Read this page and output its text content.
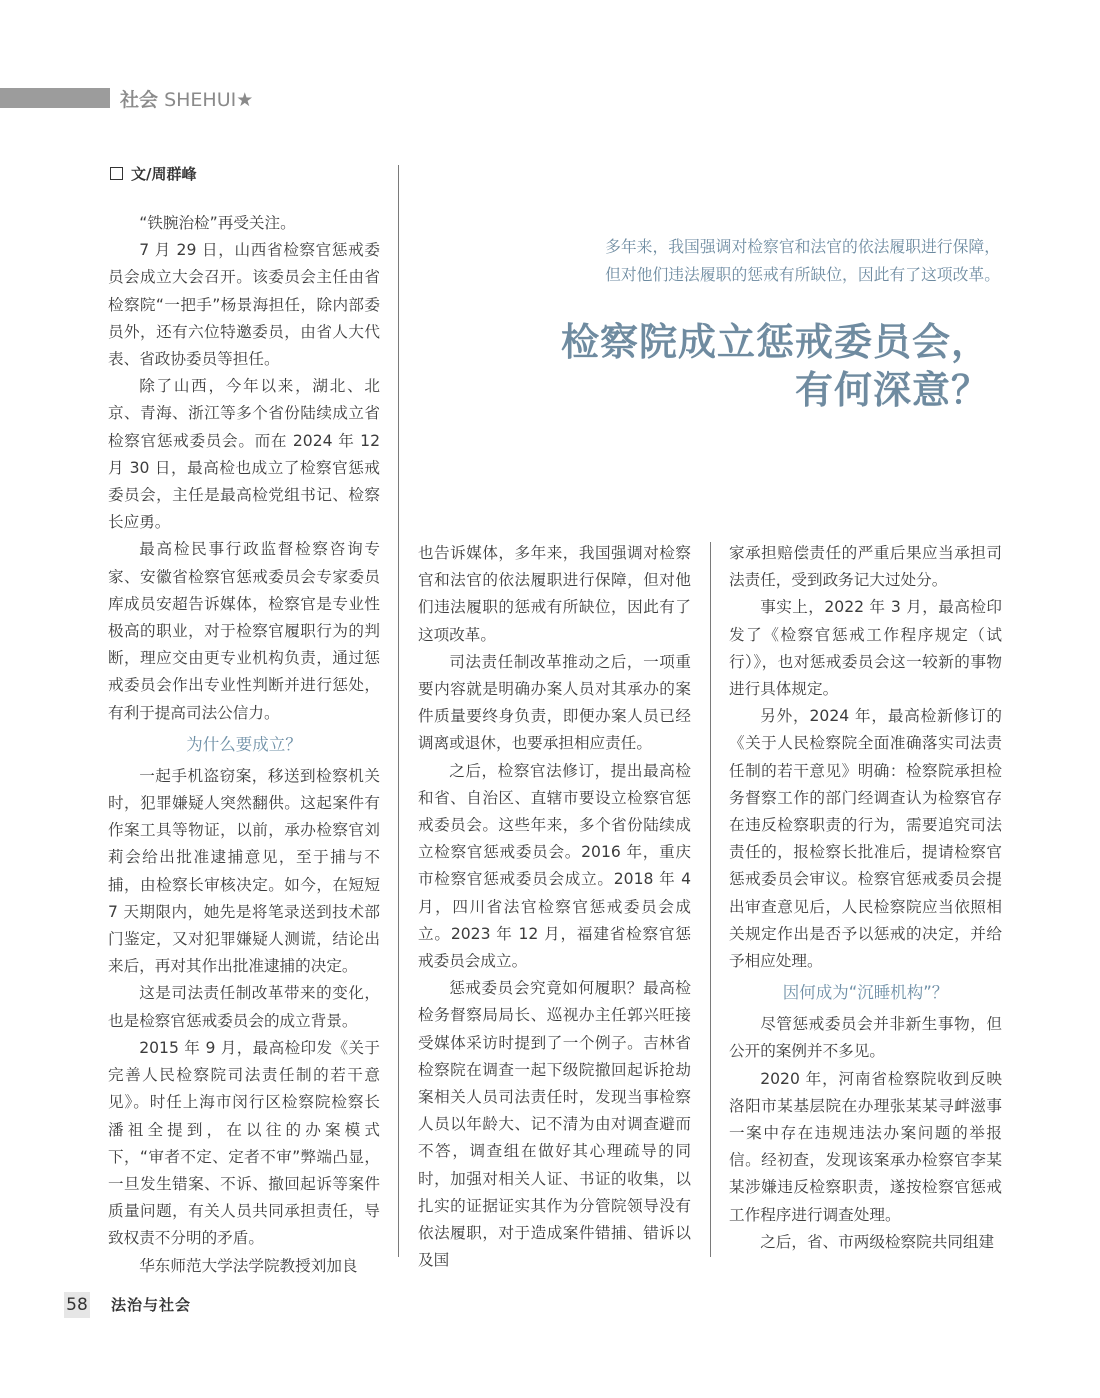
社会 SHEHUI★
文/周群峰

多年来，我国强调对检察官和法官的依法履职进行保障，

但对他们违法履职的惩戒有所缺位，因此有了这项改革。

检察院成立惩戒委员会，
有何深意？

“铁腕治检”再受关注。

7 月 29 日，山西省检察官惩戒委员会成立大会召开。该委员会主任由省检察院“一把手”杨景海担任，除内部委员外，还有六位特邀委员，由省人大代表、省政协委员等担任。

除了山西，今年以来，湖北、北京、青海、浙江等多个省份陆续成立省检察官惩戒委员会。而在 2024 年 12 月 30 日，最高检也成立了检察官惩戒委员会，主任是最高检党组书记、检察长应勇。

最高检民事行政监督检察咨询专家、安徽省检察官惩戒委员会专家委员库成员安超告诉媒体，检察官是专业性极高的职业，对于检察官履职行为的判断，理应交由更专业机构负责，通过惩戒委员会作出专业性判断并进行惩处，有利于提高司法公信力。

为什么要成立？

一起手机盗窃案，移送到检察机关时，犯罪嫌疑人突然翻供。这起案件有作案工具等物证，以前，承办检察官刘莉会给出批准逮捕意见，至于捕与不捕，由检察长审核决定。如今，在短短 7 天期限内，她先是将笔录送到技术部门鉴定，又对犯罪嫌疑人测谎，结论出来后，再对其作出批准逮捕的决定。

这是司法责任制改革带来的变化，也是检察官惩戒委员会的成立背景。

2015 年 9 月，最高检印发《关于完善人民检察院司法责任制的若干意见》。时任上海市闵行区检察院检察长潘祖全提到，在以往的办案模式下，“审者不定、定者不审”弊端凸显，一旦发生错案、不诉、撤回起诉等案件质量问题，有关人员共同承担责任，导致权责不分明的矛盾。

华东师范大学法学院教授刘加良

也告诉媒体，多年来，我国强调对检察官和法官的依法履职进行保障，但对他们违法履职的惩戒有所缺位，因此有了这项改革。

司法责任制改革推动之后，一项重要内容就是明确办案人员对其承办的案件质量要终身负责，即便办案人员已经调离或退休，也要承担相应责任。

之后，检察官法修订，提出最高检和省、自治区、直辖市要设立检察官惩戒委员会。这些年来，多个省份陆续成立检察官惩戒委员会。2016 年，重庆市检察官惩戒委员会成立。2018 年 4 月，四川省法官检察官惩戒委员会成立。2023 年 12 月，福建省检察官惩戒委员会成立。

惩戒委员会究竟如何履职？最高检检务督察局局长、巡视办主任郭兴旺接受媒体采访时提到了一个例子。吉林省检察院在调查一起下级院撤回起诉抢劫案相关人员司法责任时，发现当事检察人员以年龄大、记不清为由对调查避而不答，调查组在做好其心理疏导的同时，加强对相关人证、书证的收集，以扎实的证据证实其作为分管院领导没有依法履职，对于造成案件错捕、错诉以及国

家承担赔偿责任的严重后果应当承担司法责任，受到政务记大过处分。

事实上，2022 年 3 月，最高检印发了《检察官惩戒工作程序规定（试行）》，也对惩戒委员会这一较新的事物进行具体规定。

另外，2024 年，最高检新修订的《关于人民检察院全面准确落实司法责任制的若干意见》明确：检察院承担检务督察工作的部门经调查认为检察官存在违反检察职责的行为，需要追究司法责任的，报检察长批准后，提请检察官惩戒委员会审议。检察官惩戒委员会提出审查意见后，人民检察院应当依照相关规定作出是否予以惩戒的决定，并给予相应处理。

因何成为“沉睡机构”？

尽管惩戒委员会并非新生事物，但公开的案例并不多见。

2020 年，河南省检察院收到反映洛阳市某基层院在办理张某某寻衅滋事一案中存在违规违法办案问题的举报信。经初查，发现该案承办检察官李某某涉嫌违反检察职责，遂按检察官惩戒工作程序进行调查处理。

之后，省、市两级检察院共同组建

58 法治与社会
